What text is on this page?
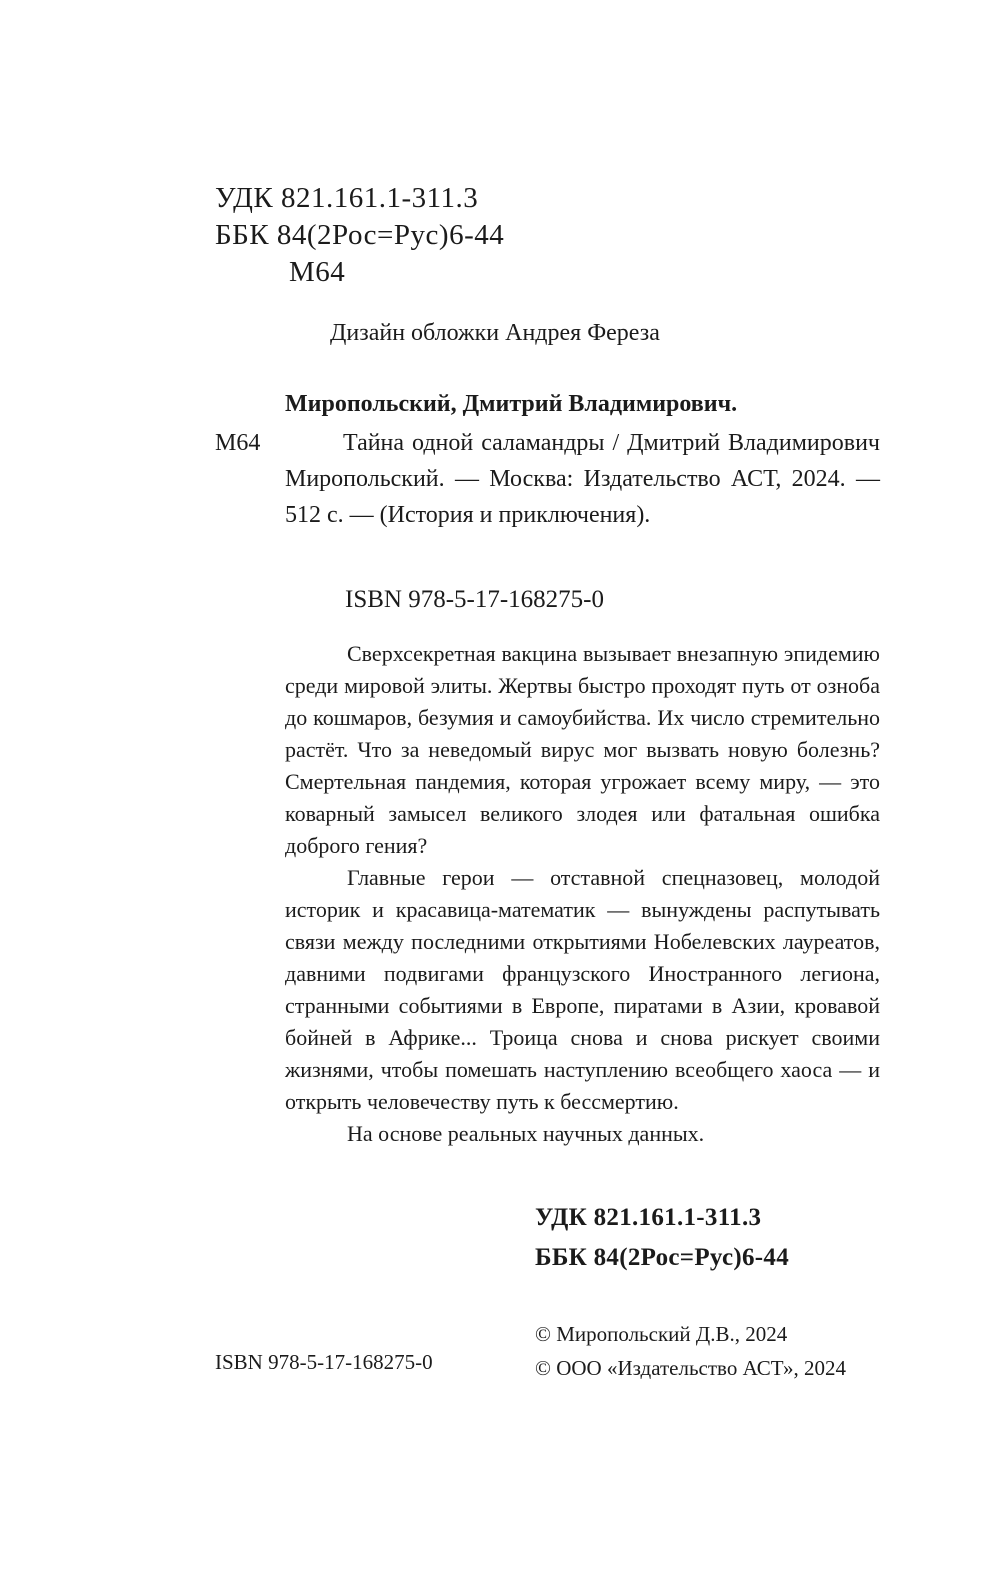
УДК 821.161.1-311.3
ББК 84(2Рос=Рус)6-44
М64
Дизайн обложки Андрея Фереза
Миропольский, Дмитрий Владимирович.
М64	Тайна одной саламандры / Дмитрий Владимирович Миропольский. — Москва: Издательство АСТ, 2024. — 512 с. — (История и приключения).

ISBN 978-5-17-168275-0

Сверхсекретная вакцина вызывает внезапную эпидемию среди мировой элиты. Жертвы быстро проходят путь от озноба до кошмаров, безумия и самоубийства. Их число стремительно растёт. Что за неведомый вирус мог вызвать новую болезнь? Смертельная пандемия, которая угрожает всему миру, — это коварный замысел великого злодея или фатальная ошибка доброго гения?

Главные герои — отставной спецназовец, молодой историк и красавица-математик — вынуждены распутывать связи между последними открытиями Нобелевских лауреатов, давними подвигами французского Иностранного легиона, странными событиями в Европе, пиратами в Азии, кровавой бойней в Африке... Троица снова и снова рискует своими жизнями, чтобы помешать наступлению всеобщего хаоса — и открыть человечеству путь к бессмертию.

На основе реальных научных данных.

УДК 821.161.1-311.3
ББК 84(2Рос=Рус)6-44
ISBN 978-5-17-168275-0
© Миропольский Д.В., 2024
© ООО «Издательство АСТ», 2024
